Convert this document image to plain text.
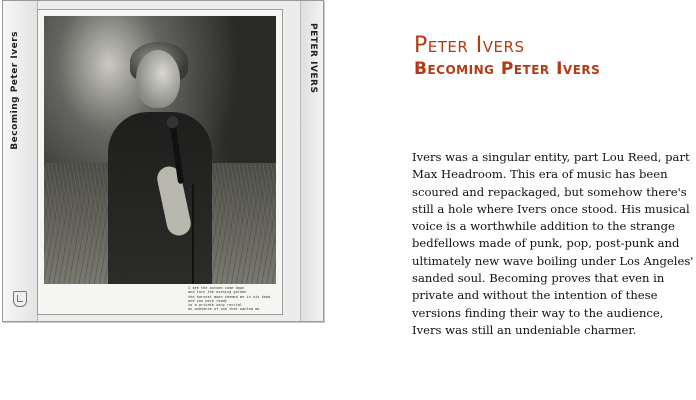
Becoming Peter Ivers
I see the autumn come down
and turn the evening golden
the harvest moon seemed me in his head
and you were ready
to a private sony recital
an audience of one that wanted me
PETER IVERS	Peter Ivers
Becoming Peter Ivers
Ivers was a singular entity, part Lou Reed, part Max Headroom. This era of music has been scoured and repackaged, but somehow there's still a hole where Ivers once stood. His musical voice is a worthwhile addition to the strange bedfellows made of punk, pop, post-punk and ultimately new wave boiling under Los Angeles' sanded soul. Becoming proves that even in private and without the intention of these versions finding their way to the audience, Ivers was still an undeniable charmer.
